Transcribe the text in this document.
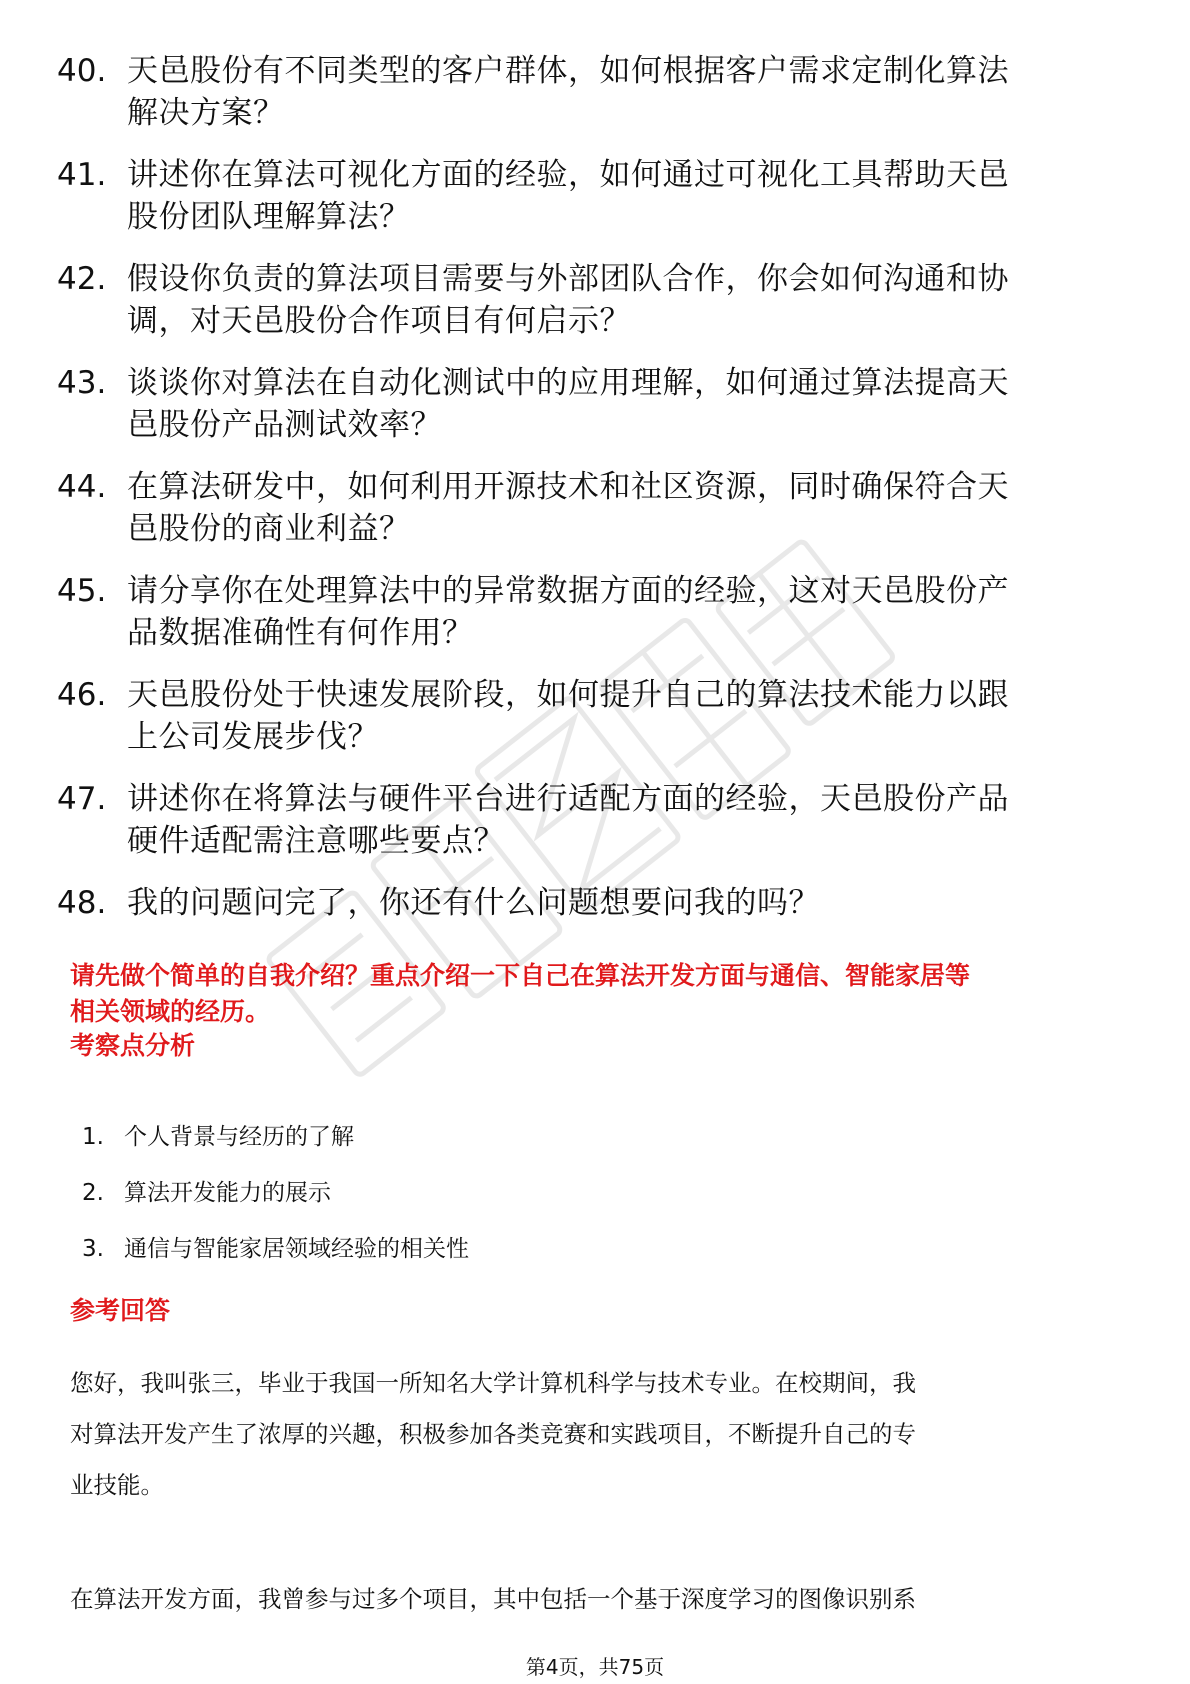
40. 天邑股份有不同类型的客户群体，如何根据客户需求定制化算法
解决方案？
41. 讲述你在算法可视化方面的经验，如何通过可视化工具帮助天邑
股份团队理解算法？
42. 假设你负责的算法项目需要与外部团队合作，你会如何沟通和协
调，对天邑股份合作项目有何启示？
43. 谈谈你对算法在自动化测试中的应用理解，如何通过算法提高天
邑股份产品测试效率？
44. 在算法研发中，如何利用开源技术和社区资源，同时确保符合天
邑股份的商业利益？
45. 请分享你在处理算法中的异常数据方面的经验，这对天邑股份产
品数据准确性有何作用？
46. 天邑股份处于快速发展阶段，如何提升自己的算法技术能力以跟
上公司发展步伐？
47. 讲述你在将算法与硬件平台进行适配方面的经验，天邑股份产品
硬件适配需注意哪些要点？
48. 我的问题问完了，你还有什么问题想要问我的吗？

请先做个简单的自我介绍？重点介绍一下自己在算法开发方面与通信、智能家居等
相关领域的经历。

考察点分析
1. 个人背景与经历的了解
2. 算法开发能力的展示
3. 通信与智能家居领域经验的相关性
参考回答

您好，我叫张三，毕业于我国一所知名大学计算机科学与技术专业。在校期间，我
对算法开发产生了浓厚的兴趣，积极参加各类竞赛和实践项目，不断提升自己的专
业技能。

在算法开发方面，我曾参与过多个项目，其中包括一个基于深度学习的图像识别系

第4页，共75页
